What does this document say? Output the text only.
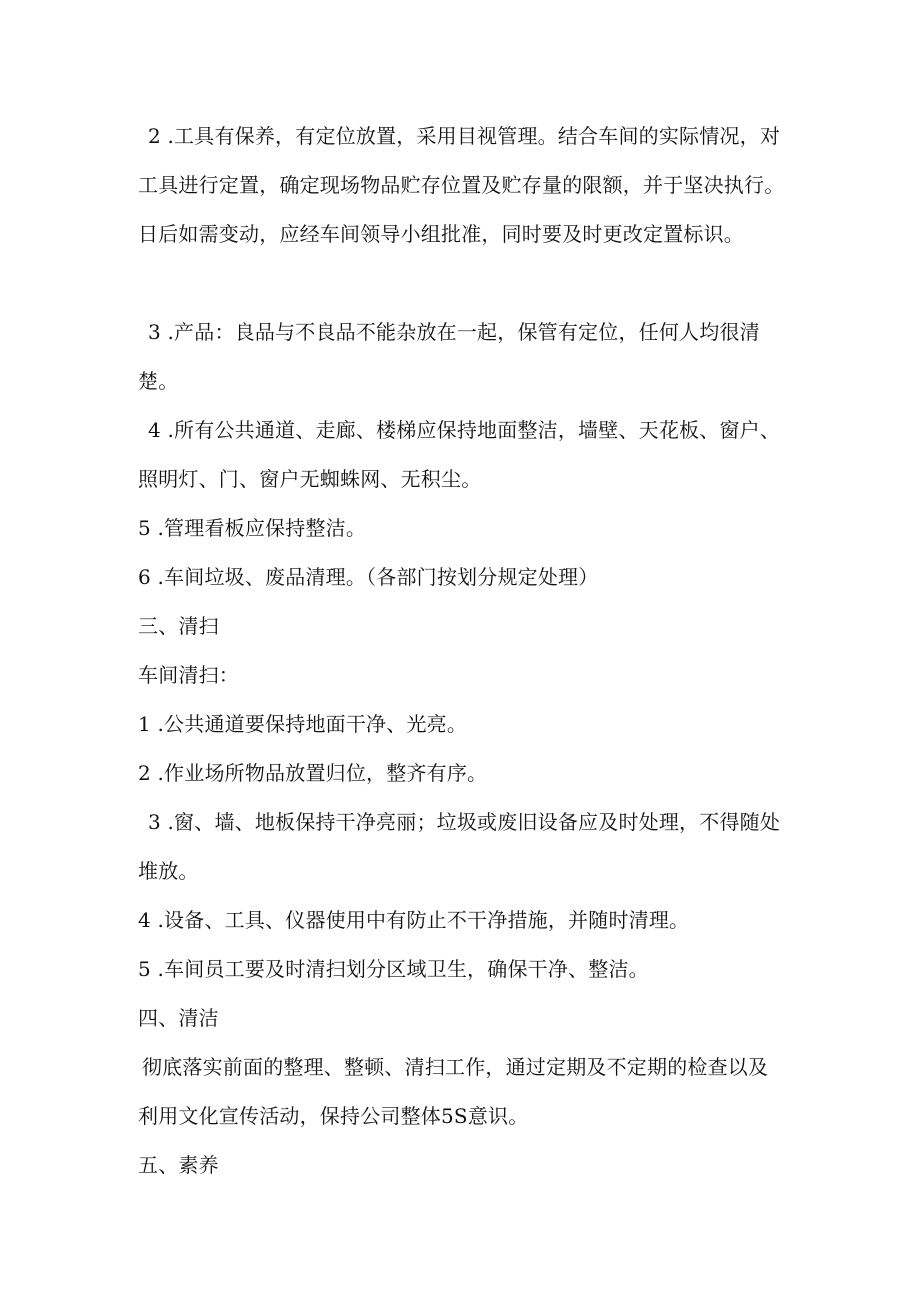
2 .工具有保养，有定位放置，采用目视管理。结合车间的实际情况，对工具进行定置，确定现场物品贮存位置及贮存量的限额，并于坚决执行。日后如需变动，应经车间领导小组批准，同时要及时更改定置标识。

3 .产品：良品与不良品不能杂放在一起，保管有定位，任何人均很清楚。

4 .所有公共通道、走廊、楼梯应保持地面整洁，墙壁、天花板、窗户、照明灯、门、窗户无蜘蛛网、无积尘。

5 .管理看板应保持整洁。

6 .车间垃圾、废品清理。（各部门按划分规定处理）

三、清扫

车间清扫：

1 .公共通道要保持地面干净、光亮。

2 .作业场所物品放置归位，整齐有序。

3 .窗、墙、地板保持干净亮丽；垃圾或废旧设备应及时处理，不得随处堆放。

4 .设备、工具、仪器使用中有防止不干净措施，并随时清理。

5 .车间员工要及时清扫划分区域卫生，确保干净、整洁。

四、清洁

彻底落实前面的整理、整顿、清扫工作，通过定期及不定期的检查以及利用文化宣传活动，保持公司整体5S意识。

五、素养
